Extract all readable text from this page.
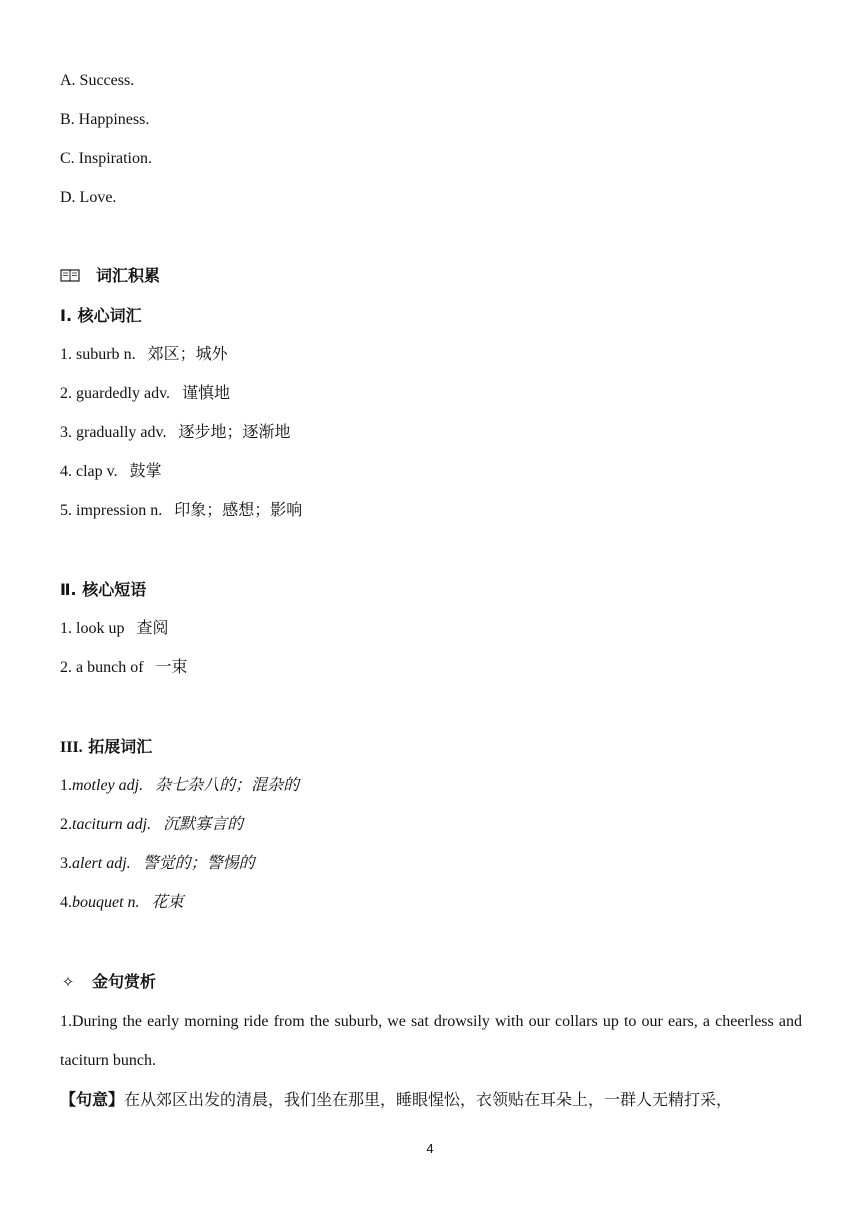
A. Success.
B. Happiness.
C. Inspiration.
D. Love.
词汇积累
Ⅰ. 核心词汇
1. suburb n. 郊区；城外
2. guardedly adv. 谨慎地
3. gradually adv. 逐步地；逐渐地
4. clap v. 鼓掌
5. impression n. 印象；感想；影响
Ⅱ. 核心短语
1. look up 查阅
2. a bunch of 一束
III. 拓展词汇
1.motley adj. 杂七杂八的；混杂的
2.taciturn adj. 沉默寡言的
3.alert adj. 警觉的；警惕的
4.bouquet n. 花束
✧ 金句赏析
1.During the early morning ride from the suburb, we sat drowsily with our collars up to our ears, a cheerless and taciturn bunch.
【句意】在从郊区出发的清晨，我们坐在那里，睡眼惺忪，衣领贴在耳朵上，一群人无精打采，
4
